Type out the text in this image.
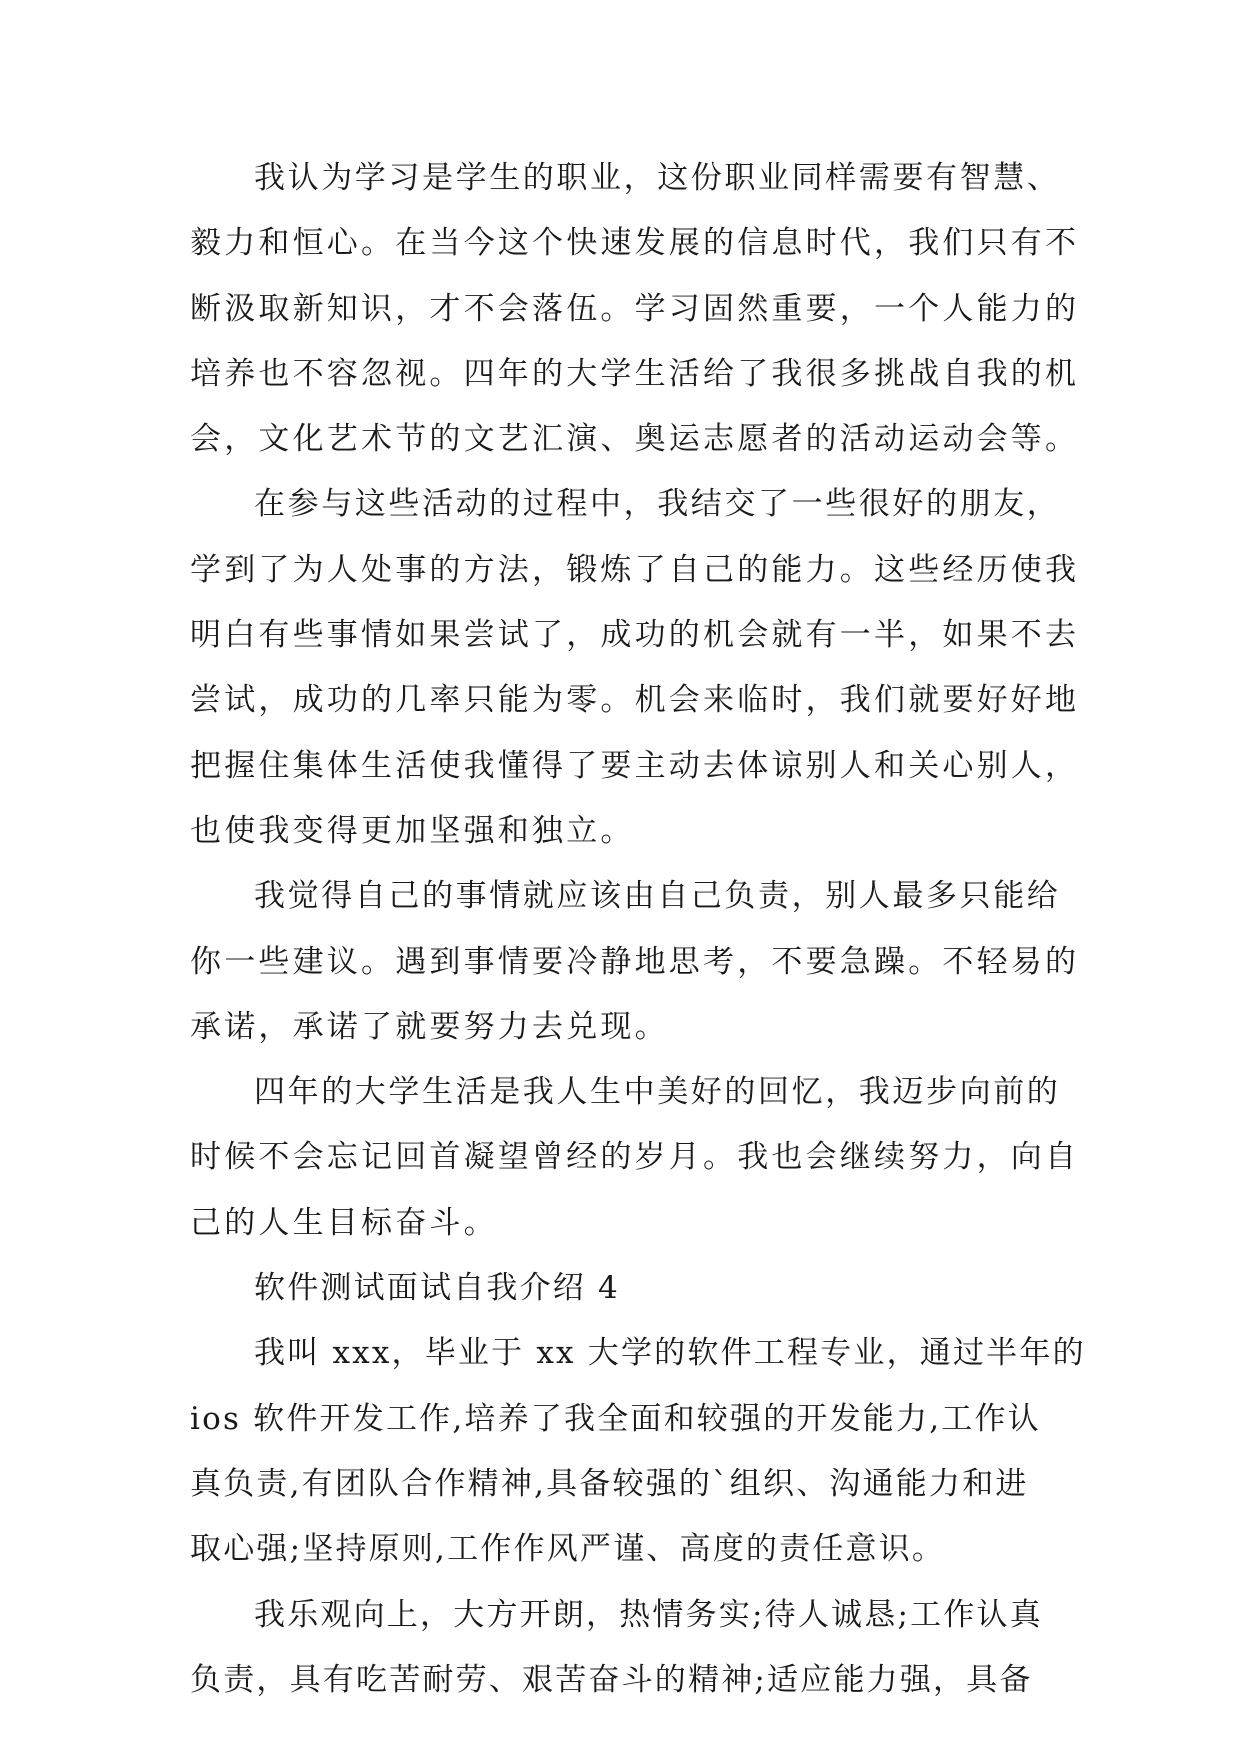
我认为学习是学生的职业，这份职业同样需要有智慧、
毅力和恒心。在当今这个快速发展的信息时代，我们只有不
断汲取新知识，才不会落伍。学习固然重要，一个人能力的
培养也不容忽视。四年的大学生活给了我很多挑战自我的机
会，文化艺术节的文艺汇演、奥运志愿者的活动运动会等。
在参与这些活动的过程中，我结交了一些很好的朋友，
学到了为人处事的方法，锻炼了自己的能力。这些经历使我
明白有些事情如果尝试了，成功的机会就有一半，如果不去
尝试，成功的几率只能为零。机会来临时，我们就要好好地
把握住集体生活使我懂得了要主动去体谅别人和关心别人，
也使我变得更加坚强和独立。
我觉得自己的事情就应该由自己负责，别人最多只能给
你一些建议。遇到事情要冷静地思考，不要急躁。不轻易的
承诺，承诺了就要努力去兑现。
四年的大学生活是我人生中美好的回忆，我迈步向前的
时候不会忘记回首凝望曾经的岁月。我也会继续努力，向自
己的人生目标奋斗。
软件测试面试自我介绍 4
我叫 xxx，毕业于 xx 大学的软件工程专业，通过半年的
ios 软件开发工作,培养了我全面和较强的开发能力,工作认
真负责,有团队合作精神,具备较强的`组织、沟通能力和进
取心强;坚持原则,工作作风严谨、高度的责任意识。
我乐观向上，大方开朗，热情务实;待人诚恳;工作认真
负责，具有吃苦耐劳、艰苦奋斗的精神;适应能力强，具备
